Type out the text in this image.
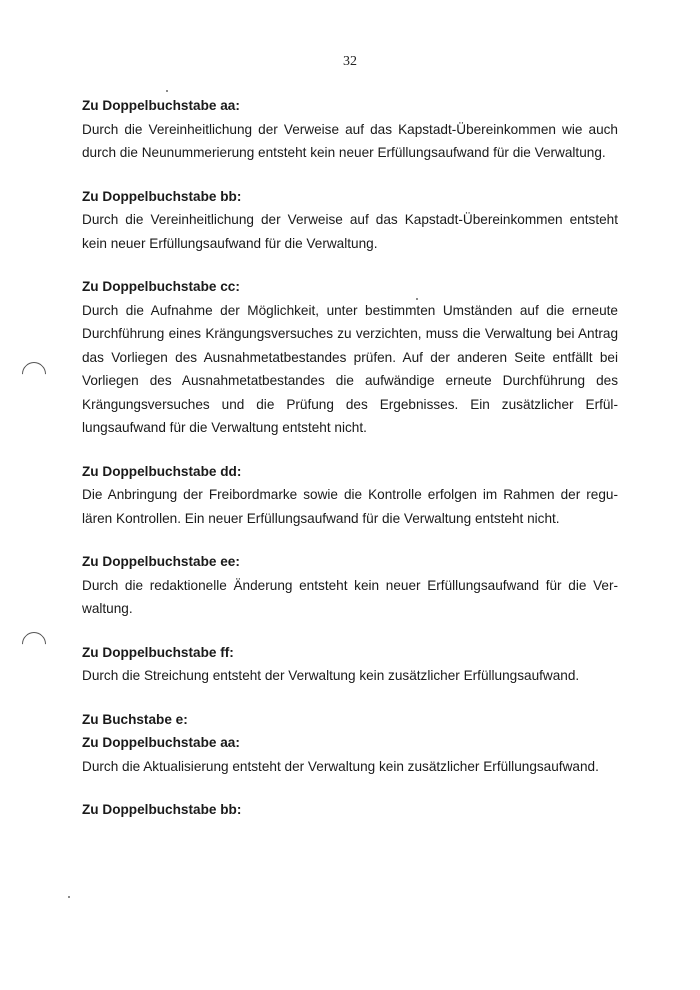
32

Zu Doppelbuchstabe aa:

Durch die Vereinheitlichung der Verweise auf das Kapstadt-Übereinkommen wie auch durch die Neunummerierung entsteht kein neuer Erfüllungsaufwand für die Verwaltung.

Zu Doppelbuchstabe bb:

Durch die Vereinheitlichung der Verweise auf das Kapstadt-Übereinkommen entsteht kein neuer Erfüllungsaufwand für die Verwaltung.

Zu Doppelbuchstabe cc:

Durch die Aufnahme der Möglichkeit, unter bestimmten Umständen auf die erneute Durchführung eines Krängungsversuches zu verzichten, muss die Verwaltung bei Antrag das Vorliegen des Ausnahmetatbestandes prüfen. Auf der anderen Seite entfällt bei Vorliegen des Ausnahmetatbestandes die aufwändige erneute Durchführung des Krängungsversuches und die Prüfung des Ergebnisses. Ein zusätzlicher Erfüllungsaufwand für die Verwaltung entsteht nicht.

Zu Doppelbuchstabe dd:

Die Anbringung der Freibordmarke sowie die Kontrolle erfolgen im Rahmen der regulären Kontrollen. Ein neuer Erfüllungsaufwand für die Verwaltung entsteht nicht.

Zu Doppelbuchstabe ee:

Durch die redaktionelle Änderung entsteht kein neuer Erfüllungsaufwand für die Verwaltung.

Zu Doppelbuchstabe ff:

Durch die Streichung entsteht der Verwaltung kein zusätzlicher Erfüllungsaufwand.

Zu Buchstabe e:

Zu Doppelbuchstabe aa:

Durch die Aktualisierung entsteht der Verwaltung kein zusätzlicher Erfüllungsaufwand.

Zu Doppelbuchstabe bb:
